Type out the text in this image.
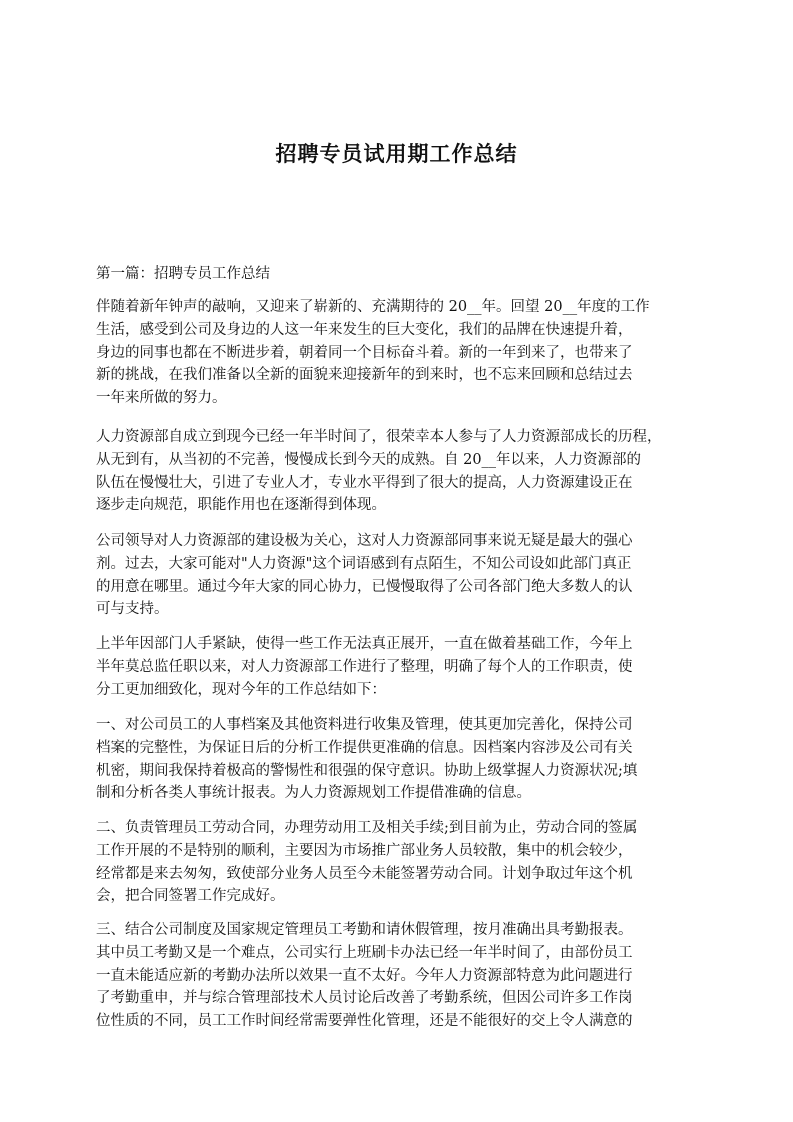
招聘专员试用期工作总结

第一篇：招聘专员工作总结

伴随着新年钟声的敲响，又迎来了崭新的、充满期待的 20__年。回望 20__年度的工作
生活，感受到公司及身边的人这一年来发生的巨大变化，我们的品牌在快速提升着，
身边的同事也都在不断进步着，朝着同一个目标奋斗着。新的一年到来了，也带来了
新的挑战，在我们准备以全新的面貌来迎接新年的到来时，也不忘来回顾和总结过去
一年来所做的努力。
人力资源部自成立到现今已经一年半时间了，很荣幸本人参与了人力资源部成长的历程，
从无到有，从当初的不完善，慢慢成长到今天的成熟。自 20__年以来，人力资源部的
队伍在慢慢壮大，引进了专业人才，专业水平得到了很大的提高，人力资源建设正在
逐步走向规范，职能作用也在逐渐得到体现。
公司领导对人力资源部的建设极为关心，这对人力资源部同事来说无疑是最大的强心
剂。过去，大家可能对"人力资源"这个词语感到有点陌生，不知公司设如此部门真正
的用意在哪里。通过今年大家的同心协力，已慢慢取得了公司各部门绝大多数人的认
可与支持。
上半年因部门人手紧缺，使得一些工作无法真正展开，一直在做着基础工作，今年上
半年莫总监任职以来，对人力资源部工作进行了整理，明确了每个人的工作职责，使
分工更加细致化，现对今年的工作总结如下：
一、对公司员工的人事档案及其他资料进行收集及管理，使其更加完善化，保持公司
档案的完整性，为保证日后的分析工作提供更准确的信息。因档案内容涉及公司有关
机密，期间我保持着极高的警惕性和很强的保守意识。协助上级掌握人力资源状况;填
制和分析各类人事统计报表。为人力资源规划工作提借准确的信息。
二、负责管理员工劳动合同，办理劳动用工及相关手续;到目前为止，劳动合同的签属
工作开展的不是特别的顺利，主要因为市场推广部业务人员较散，集中的机会较少，
经常都是来去匆匆，致使部分业务人员至今未能签署劳动合同。计划争取过年这个机
会，把合同签署工作完成好。
三、结合公司制度及国家规定管理员工考勤和请休假管理，按月准确出具考勤报表。
其中员工考勤又是一个难点，公司实行上班刷卡办法已经一年半时间了，由部份员工
一直未能适应新的考勤办法所以效果一直不太好。今年人力资源部特意为此问题进行
了考勤重申，并与综合管理部技术人员讨论后改善了考勤系统，但因公司许多工作岗
位性质的不同，员工工作时间经常需要弹性化管理，还是不能很好的交上令人满意的
